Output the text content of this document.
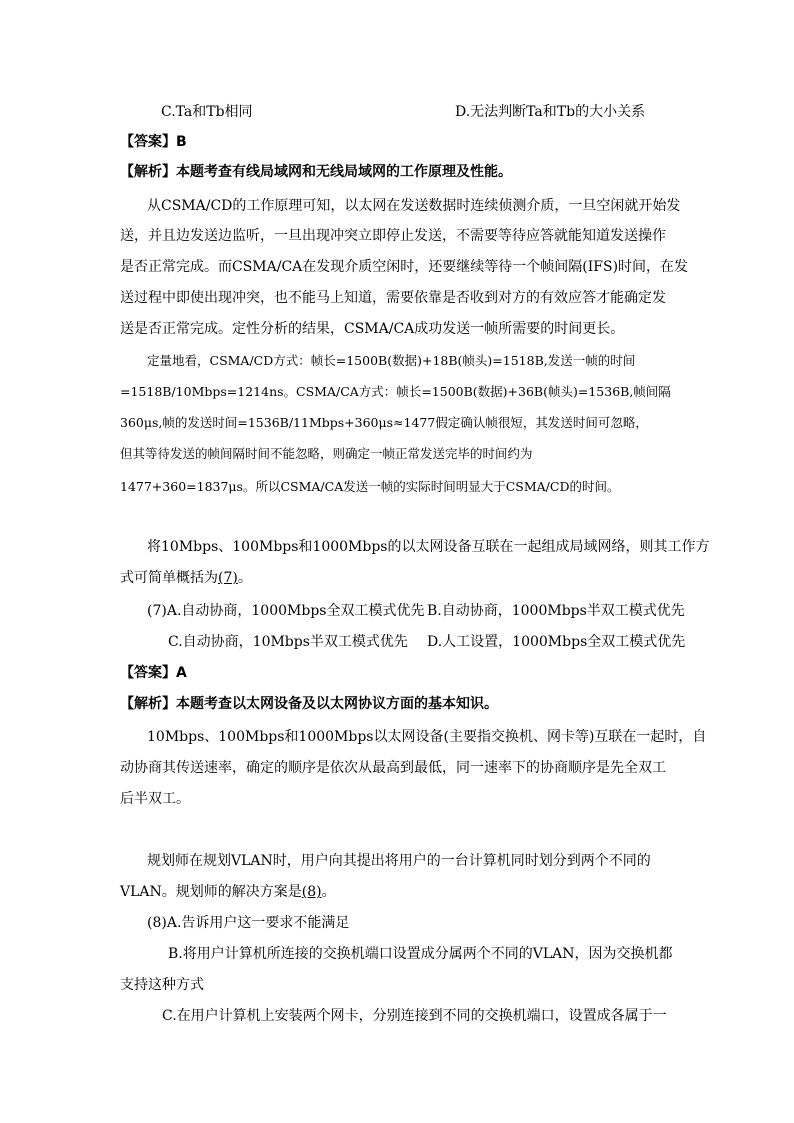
C.Ta和Tb相同	D.无法判断Ta和Tb的大小关系
【答案】B
【解析】本题考查有线局域网和无线局域网的工作原理及性能。
从CSMA/CD的工作原理可知，以太网在发送数据时连续侦测介质，一旦空闲就开始发
送，并且边发送边监听，一旦出现冲突立即停止发送，不需要等待应答就能知道发送操作
是否正常完成。而CSMA/CA在发现介质空闲时，还要继续等待一个帧间隔(IFS)时间，在发
送过程中即使出现冲突，也不能马上知道，需要依靠是否收到对方的有效应答才能确定发
送是否正常完成。定性分析的结果，CSMA/CA成功发送一帧所需要的时间更长。
定量地看，CSMA/CD方式：帧长=1500B(数据)+18B(帧头)=1518B,发送一帧的时间
=1518B/10Mbps=1214ns。CSMA/CA方式：帧长=1500B(数据)+36B(帧头)=1536B,帧间隔
360μs,帧的发送时间=1536B/11Mbps+360μs≈1477假定确认帧很短，其发送时间可忽略，
但其等待发送的帧间隔时间不能忽略，则确定一帧正常发送完毕的时间约为
1477+360=1837μs。所以CSMA/CA发送一帧的实际时间明显大于CSMA/CD的时间。
将10Mbps、100Mbps和1000Mbps的以太网设备互联在一起组成局域网络，则其工作方
式可简单概括为(7)。
(7)A.自动协商，1000Mbps全双工模式优先 B.自动协商，1000Mbps半双工模式优先
C.自动协商，10Mbps半双工模式优先 D.人工设置，1000Mbps全双工模式优先
【答案】A
【解析】本题考查以太网设备及以太网协议方面的基本知识。
10Mbps、100Mbps和1000Mbps以太网设备(主要指交换机、网卡等)互联在一起时，自
动协商其传送速率，确定的顺序是依次从最高到最低，同一速率下的协商顺序是先全双工
后半双工。
规划师在规划VLAN时，用户向其提出将用户的一台计算机同时划分到两个不同的
VLAN。规划师的解决方案是(8)。
(8)A.告诉用户这一要求不能满足
B.将用户计算机所连接的交换机端口设置成分属两个不同的VLAN，因为交换机都
支持这种方式
C.在用户计算机上安装两个网卡，分别连接到不同的交换机端口，设置成各属于一
